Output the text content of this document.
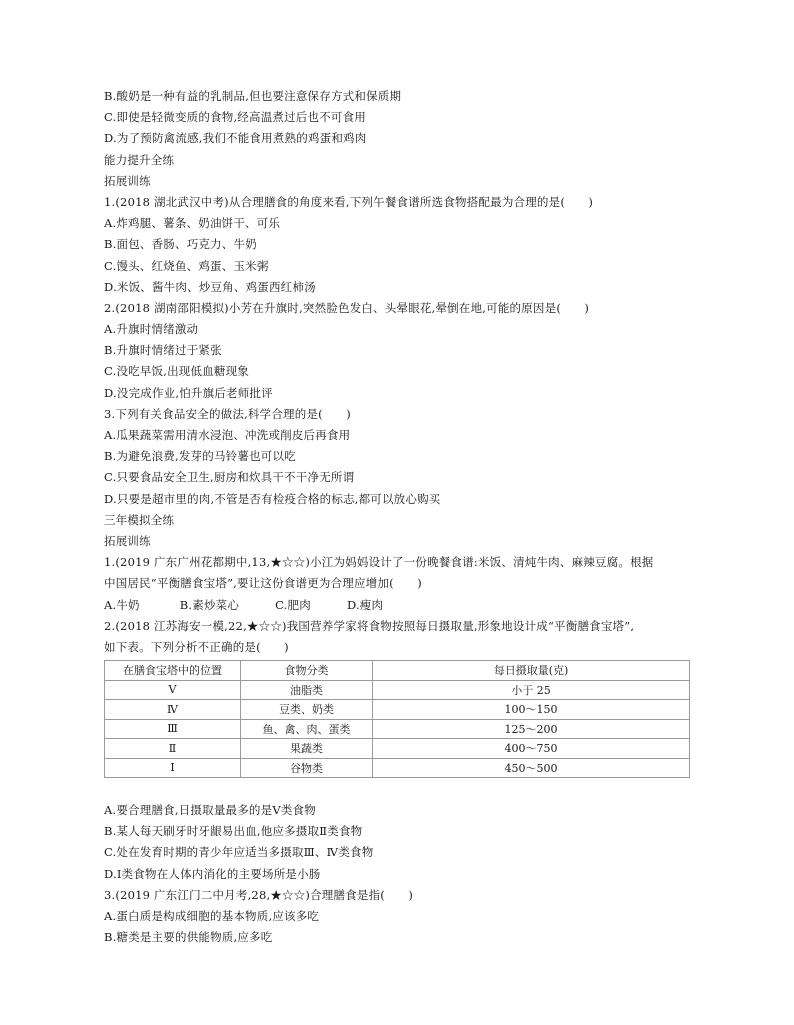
B.酸奶是一种有益的乳制品,但也要注意保存方式和保质期
C.即使是轻微变质的食物,经高温煮过后也不可食用
D.为了预防禽流感,我们不能食用煮熟的鸡蛋和鸡肉
能力提升全练
拓展训练
1.(2018 湖北武汉中考)从合理膳食的角度来看,下列午餐食谱所选食物搭配最为合理的是(　　)
A.炸鸡腿、薯条、奶油饼干、可乐
B.面包、香肠、巧克力、牛奶
C.馒头、红烧鱼、鸡蛋、玉米粥
D.米饭、酱牛肉、炒豆角、鸡蛋西红柿汤
2.(2018 湖南邵阳模拟)小芳在升旗时,突然脸色发白、头晕眼花,晕倒在地,可能的原因是(　　)
A.升旗时情绪激动
B.升旗时情绪过于紧张
C.没吃早饭,出现低血糖现象
D.没完成作业,怕升旗后老师批评
3.下列有关食品安全的做法,科学合理的是(　　)
A.瓜果蔬菜需用清水浸泡、冲洗或削皮后再食用
B.为避免浪费,发芽的马铃薯也可以吃
C.只要食品安全卫生,厨房和炊具干不干净无所谓
D.只要是超市里的肉,不管是否有检疫合格的标志,都可以放心购买
三年模拟全练
拓展训练
1.(2019 广东广州花都期中,13,★☆☆)小江为妈妈设计了一份晚餐食谱:米饭、清炖牛肉、麻辣豆腐。根据
中国居民“平衡膳食宝塔”,要让这份食谱更为合理应增加(　　)
A.牛奶	B.素炒菜心	C.肥肉	D.瘦肉
2.(2018 江苏海安一模,22,★☆☆)我国营养学家将食物按照每日摄取量,形象地设计成“平衡膳食宝塔”,
如下表。下列分析不正确的是(　　)
在膳食宝塔中的位置	食物分类	每日摄取量(克)
Ⅴ	油脂类	小于 25
Ⅳ	豆类、奶类	100～150
Ⅲ	鱼、禽、肉、蛋类	125～200
Ⅱ	果蔬类	400～750
Ⅰ	谷物类	450～500
A.要合理膳食,日摄取量最多的是Ⅴ类食物
B.某人每天刷牙时牙龈易出血,他应多摄取Ⅱ类食物
C.处在发育时期的青少年应适当多摄取Ⅲ、Ⅳ类食物
D.Ⅰ类食物在人体内消化的主要场所是小肠
3.(2019 广东江门二中月考,28,★☆☆)合理膳食是指(　　)
A.蛋白质是构成细胞的基本物质,应该多吃
B.糖类是主要的供能物质,应多吃
